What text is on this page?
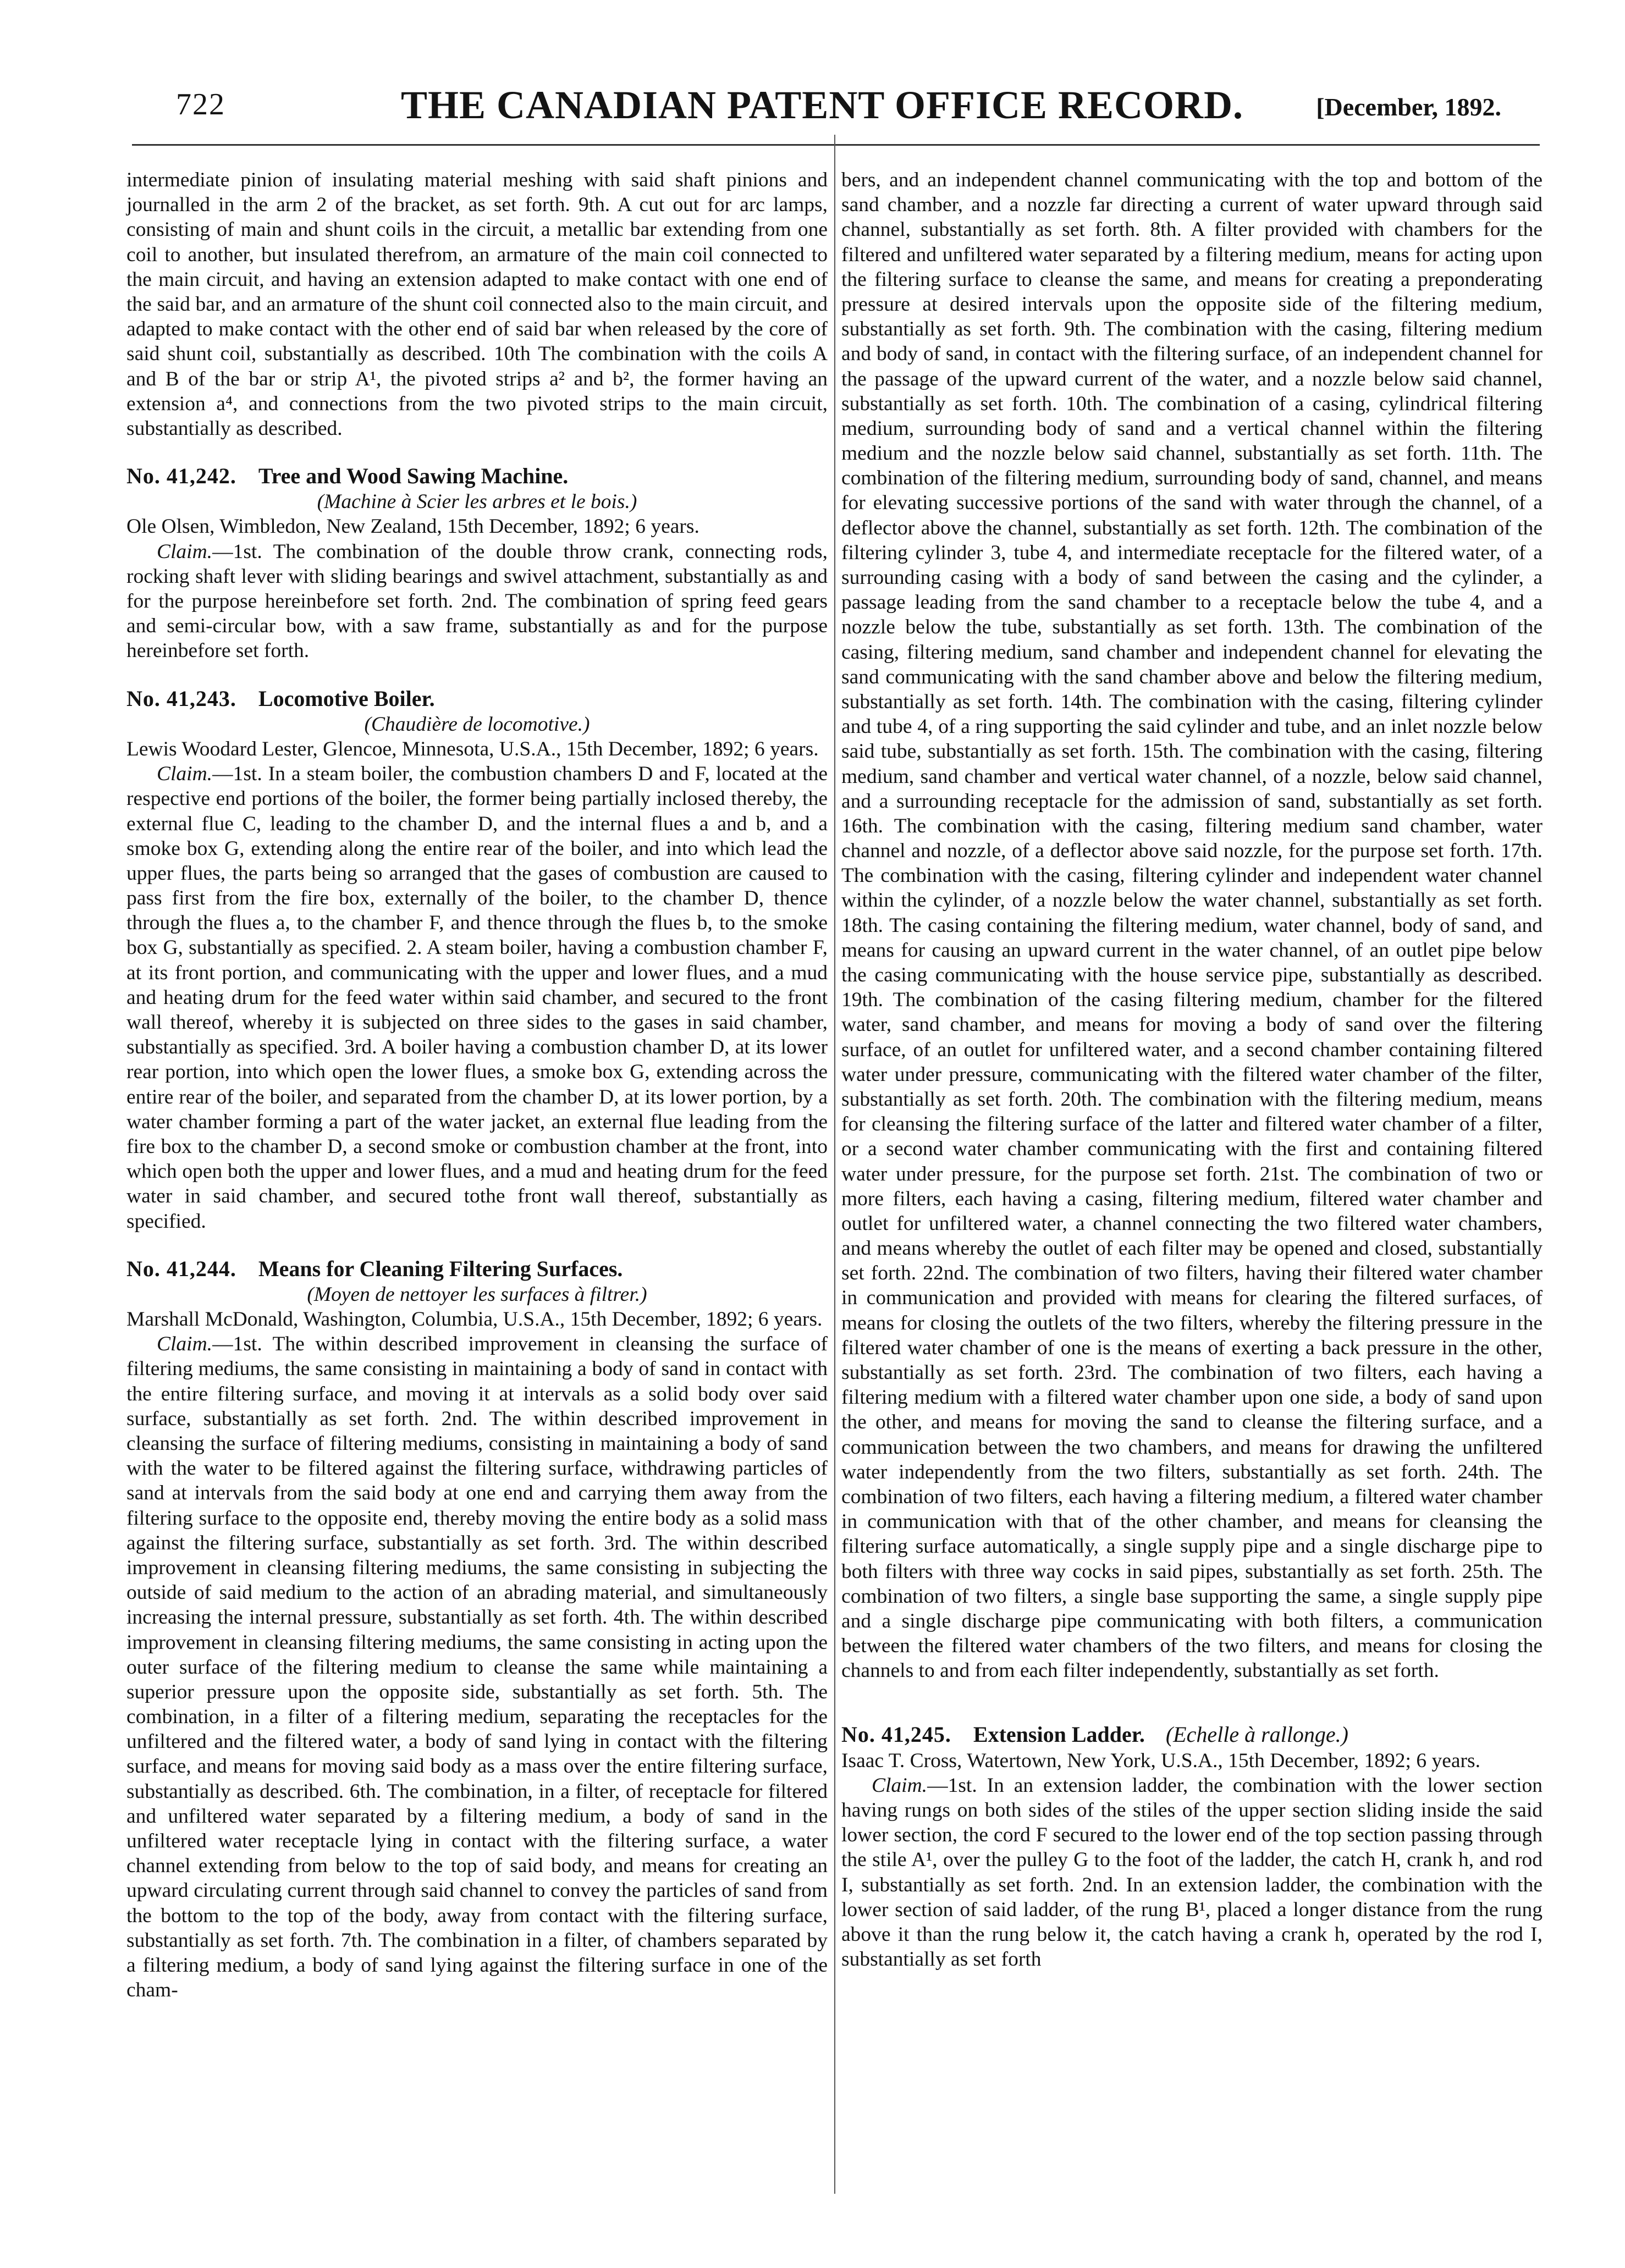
722	THE CANADIAN PATENT OFFICE RECORD.	[December, 1892.

intermediate pinion of insulating material meshing with said shaft pinions and journalled in the arm 2 of the bracket, as set forth. 9th. A cut out for arc lamps, consisting of main and shunt coils in the circuit, a metallic bar extending from one coil to another, but insulated therefrom, an armature of the main coil connected to the main circuit, and having an extension adapted to make contact with one end of the said bar, and an armature of the shunt coil connected also to the main circuit, and adapted to make contact with the other end of said bar when released by the core of said shunt coil, substantially as described. 10th The combination with the coils A and B of the bar or strip A¹, the pivoted strips a² and b², the former having an extension a⁴, and connections from the two pivoted strips to the main circuit, substantially as described.

No. 41,242. Tree and Wood Sawing Machine.

(Machine à Scier les arbres et le bois.)

Ole Olsen, Wimbledon, New Zealand, 15th December, 1892; 6 years.

Claim.—1st. The combination of the double throw crank, connecting rods, rocking shaft lever with sliding bearings and swivel attachment, substantially as and for the purpose hereinbefore set forth. 2nd. The combination of spring feed gears and semi-circular bow, with a saw frame, substantially as and for the purpose hereinbefore set forth.

No. 41,243. Locomotive Boiler.

(Chaudière de locomotive.)

Lewis Woodard Lester, Glencoe, Minnesota, U.S.A., 15th December, 1892; 6 years.

Claim.—1st. In a steam boiler, the combustion chambers D and F, located at the respective end portions of the boiler, the former being partially inclosed thereby, the external flue C, leading to the chamber D, and the internal flues a and b, and a smoke box G, extending along the entire rear of the boiler, and into which lead the upper flues, the parts being so arranged that the gases of combustion are caused to pass first from the fire box, externally of the boiler, to the chamber D, thence through the flues a, to the chamber F, and thence through the flues b, to the smoke box G, substantially as specified. 2. A steam boiler, having a combustion chamber F, at its front portion, and communicating with the upper and lower flues, and a mud and heating drum for the feed water within said chamber, and secured to the front wall thereof, whereby it is subjected on three sides to the gases in said chamber, substantially as specified. 3rd. A boiler having a combustion chamber D, at its lower rear portion, into which open the lower flues, a smoke box G, extending across the entire rear of the boiler, and separated from the chamber D, at its lower portion, by a water chamber forming a part of the water jacket, an external flue leading from the fire box to the chamber D, a second smoke or combustion chamber at the front, into which open both the upper and lower flues, and a mud and heating drum for the feed water in said chamber, and secured tothe front wall thereof, substantially as specified.

No. 41,244. Means for Cleaning Filtering Surfaces.

(Moyen de nettoyer les surfaces à filtrer.)

Marshall McDonald, Washington, Columbia, U.S.A., 15th December, 1892; 6 years.

Claim.—1st. The within described improvement in cleansing the surface of filtering mediums, the same consisting in maintaining a body of sand in contact with the entire filtering surface, and moving it at intervals as a solid body over said surface, substantially as set forth. 2nd. The within described improvement in cleansing the surface of filtering mediums, consisting in maintaining a body of sand with the water to be filtered against the filtering surface, withdrawing particles of sand at intervals from the said body at one end and carrying them away from the filtering surface to the opposite end, thereby moving the entire body as a solid mass against the filtering surface, substantially as set forth. 3rd. The within described improvement in cleansing filtering mediums, the same consisting in subjecting the outside of said medium to the action of an abrading material, and simultaneously increasing the internal pressure, substantially as set forth. 4th. The within described improvement in cleansing filtering mediums, the same consisting in acting upon the outer surface of the filtering medium to cleanse the same while maintaining a superior pressure upon the opposite side, substantially as set forth. 5th. The combination, in a filter of a filtering medium, separating the receptacles for the unfiltered and the filtered water, a body of sand lying in contact with the filtering surface, and means for moving said body as a mass over the entire filtering surface, substantially as described. 6th. The combination, in a filter, of receptacle for filtered and unfiltered water separated by a filtering medium, a body of sand in the unfiltered water receptacle lying in contact with the filtering surface, a water channel extending from below to the top of said body, and means for creating an upward circulating current through said channel to convey the particles of sand from the bottom to the top of the body, away from contact with the filtering surface, substantially as set forth. 7th. The combination in a filter, of chambers separated by a filtering medium, a body of sand lying against the filtering surface in one of the cham-

bers, and an independent channel communicating with the top and bottom of the sand chamber, and a nozzle far directing a current of water upward through said channel, substantially as set forth. 8th. A filter provided with chambers for the filtered and unfiltered water separated by a filtering medium, means for acting upon the filtering surface to cleanse the same, and means for creating a preponderating pressure at desired intervals upon the opposite side of the filtering medium, substantially as set forth. 9th. The combination with the casing, filtering medium and body of sand, in contact with the filtering surface, of an independent channel for the passage of the upward current of the water, and a nozzle below said channel, substantially as set forth. 10th. The combination of a casing, cylindrical filtering medium, surrounding body of sand and a vertical channel within the filtering medium and the nozzle below said channel, substantially as set forth. 11th. The combination of the filtering medium, surrounding body of sand, channel, and means for elevating successive portions of the sand with water through the channel, of a deflector above the channel, substantially as set forth. 12th. The combination of the filtering cylinder 3, tube 4, and intermediate receptacle for the filtered water, of a surrounding casing with a body of sand between the casing and the cylinder, a passage leading from the sand chamber to a receptacle below the tube 4, and a nozzle below the tube, substantially as set forth. 13th. The combination of the casing, filtering medium, sand chamber and independent channel for elevating the sand communicating with the sand chamber above and below the filtering medium, substantially as set forth. 14th. The combination with the casing, filtering cylinder and tube 4, of a ring supporting the said cylinder and tube, and an inlet nozzle below said tube, substantially as set forth. 15th. The combination with the casing, filtering medium, sand chamber and vertical water channel, of a nozzle, below said channel, and a surrounding receptacle for the admission of sand, substantially as set forth. 16th. The combination with the casing, filtering medium sand chamber, water channel and nozzle, of a deflector above said nozzle, for the purpose set forth. 17th. The combination with the casing, filtering cylinder and independent water channel within the cylinder, of a nozzle below the water channel, substantially as set forth. 18th. The casing containing the filtering medium, water channel, body of sand, and means for causing an upward current in the water channel, of an outlet pipe below the casing communicating with the house service pipe, substantially as described. 19th. The combination of the casing filtering medium, chamber for the filtered water, sand chamber, and means for moving a body of sand over the filtering surface, of an outlet for unfiltered water, and a second chamber containing filtered water under pressure, communicating with the filtered water chamber of the filter, substantially as set forth. 20th. The combination with the filtering medium, means for cleansing the filtering surface of the latter and filtered water chamber of a filter, or a second water chamber communicating with the first and containing filtered water under pressure, for the purpose set forth. 21st. The combination of two or more filters, each having a casing, filtering medium, filtered water chamber and outlet for unfiltered water, a channel connecting the two filtered water chambers, and means whereby the outlet of each filter may be opened and closed, substantially set forth. 22nd. The combination of two filters, having their filtered water chamber in communication and provided with means for clearing the filtered surfaces, of means for closing the outlets of the two filters, whereby the filtering pressure in the filtered water chamber of one is the means of exerting a back pressure in the other, substantially as set forth. 23rd. The combination of two filters, each having a filtering medium with a filtered water chamber upon one side, a body of sand upon the other, and means for moving the sand to cleanse the filtering surface, and a communication between the two chambers, and means for drawing the unfiltered water independently from the two filters, substantially as set forth. 24th. The combination of two filters, each having a filtering medium, a filtered water chamber in communication with that of the other chamber, and means for cleansing the filtering surface automatically, a single supply pipe and a single discharge pipe to both filters with three way cocks in said pipes, substantially as set forth. 25th. The combination of two filters, a single base supporting the same, a single supply pipe and a single discharge pipe communicating with both filters, a communication between the filtered water chambers of the two filters, and means for closing the channels to and from each filter independently, substantially as set forth.

No. 41,245. Extension Ladder. (Echelle à rallonge.)

Isaac T. Cross, Watertown, New York, U.S.A., 15th December, 1892; 6 years.

Claim.—1st. In an extension ladder, the combination with the lower section having rungs on both sides of the stiles of the upper section sliding inside the said lower section, the cord F secured to the lower end of the top section passing through the stile A¹, over the pulley G to the foot of the ladder, the catch H, crank h, and rod I, substantially as set forth. 2nd. In an extension ladder, the combination with the lower section of said ladder, of the rung B¹, placed a longer distance from the rung above it than the rung below it, the catch having a crank h, operated by the rod I, substantially as set forth
